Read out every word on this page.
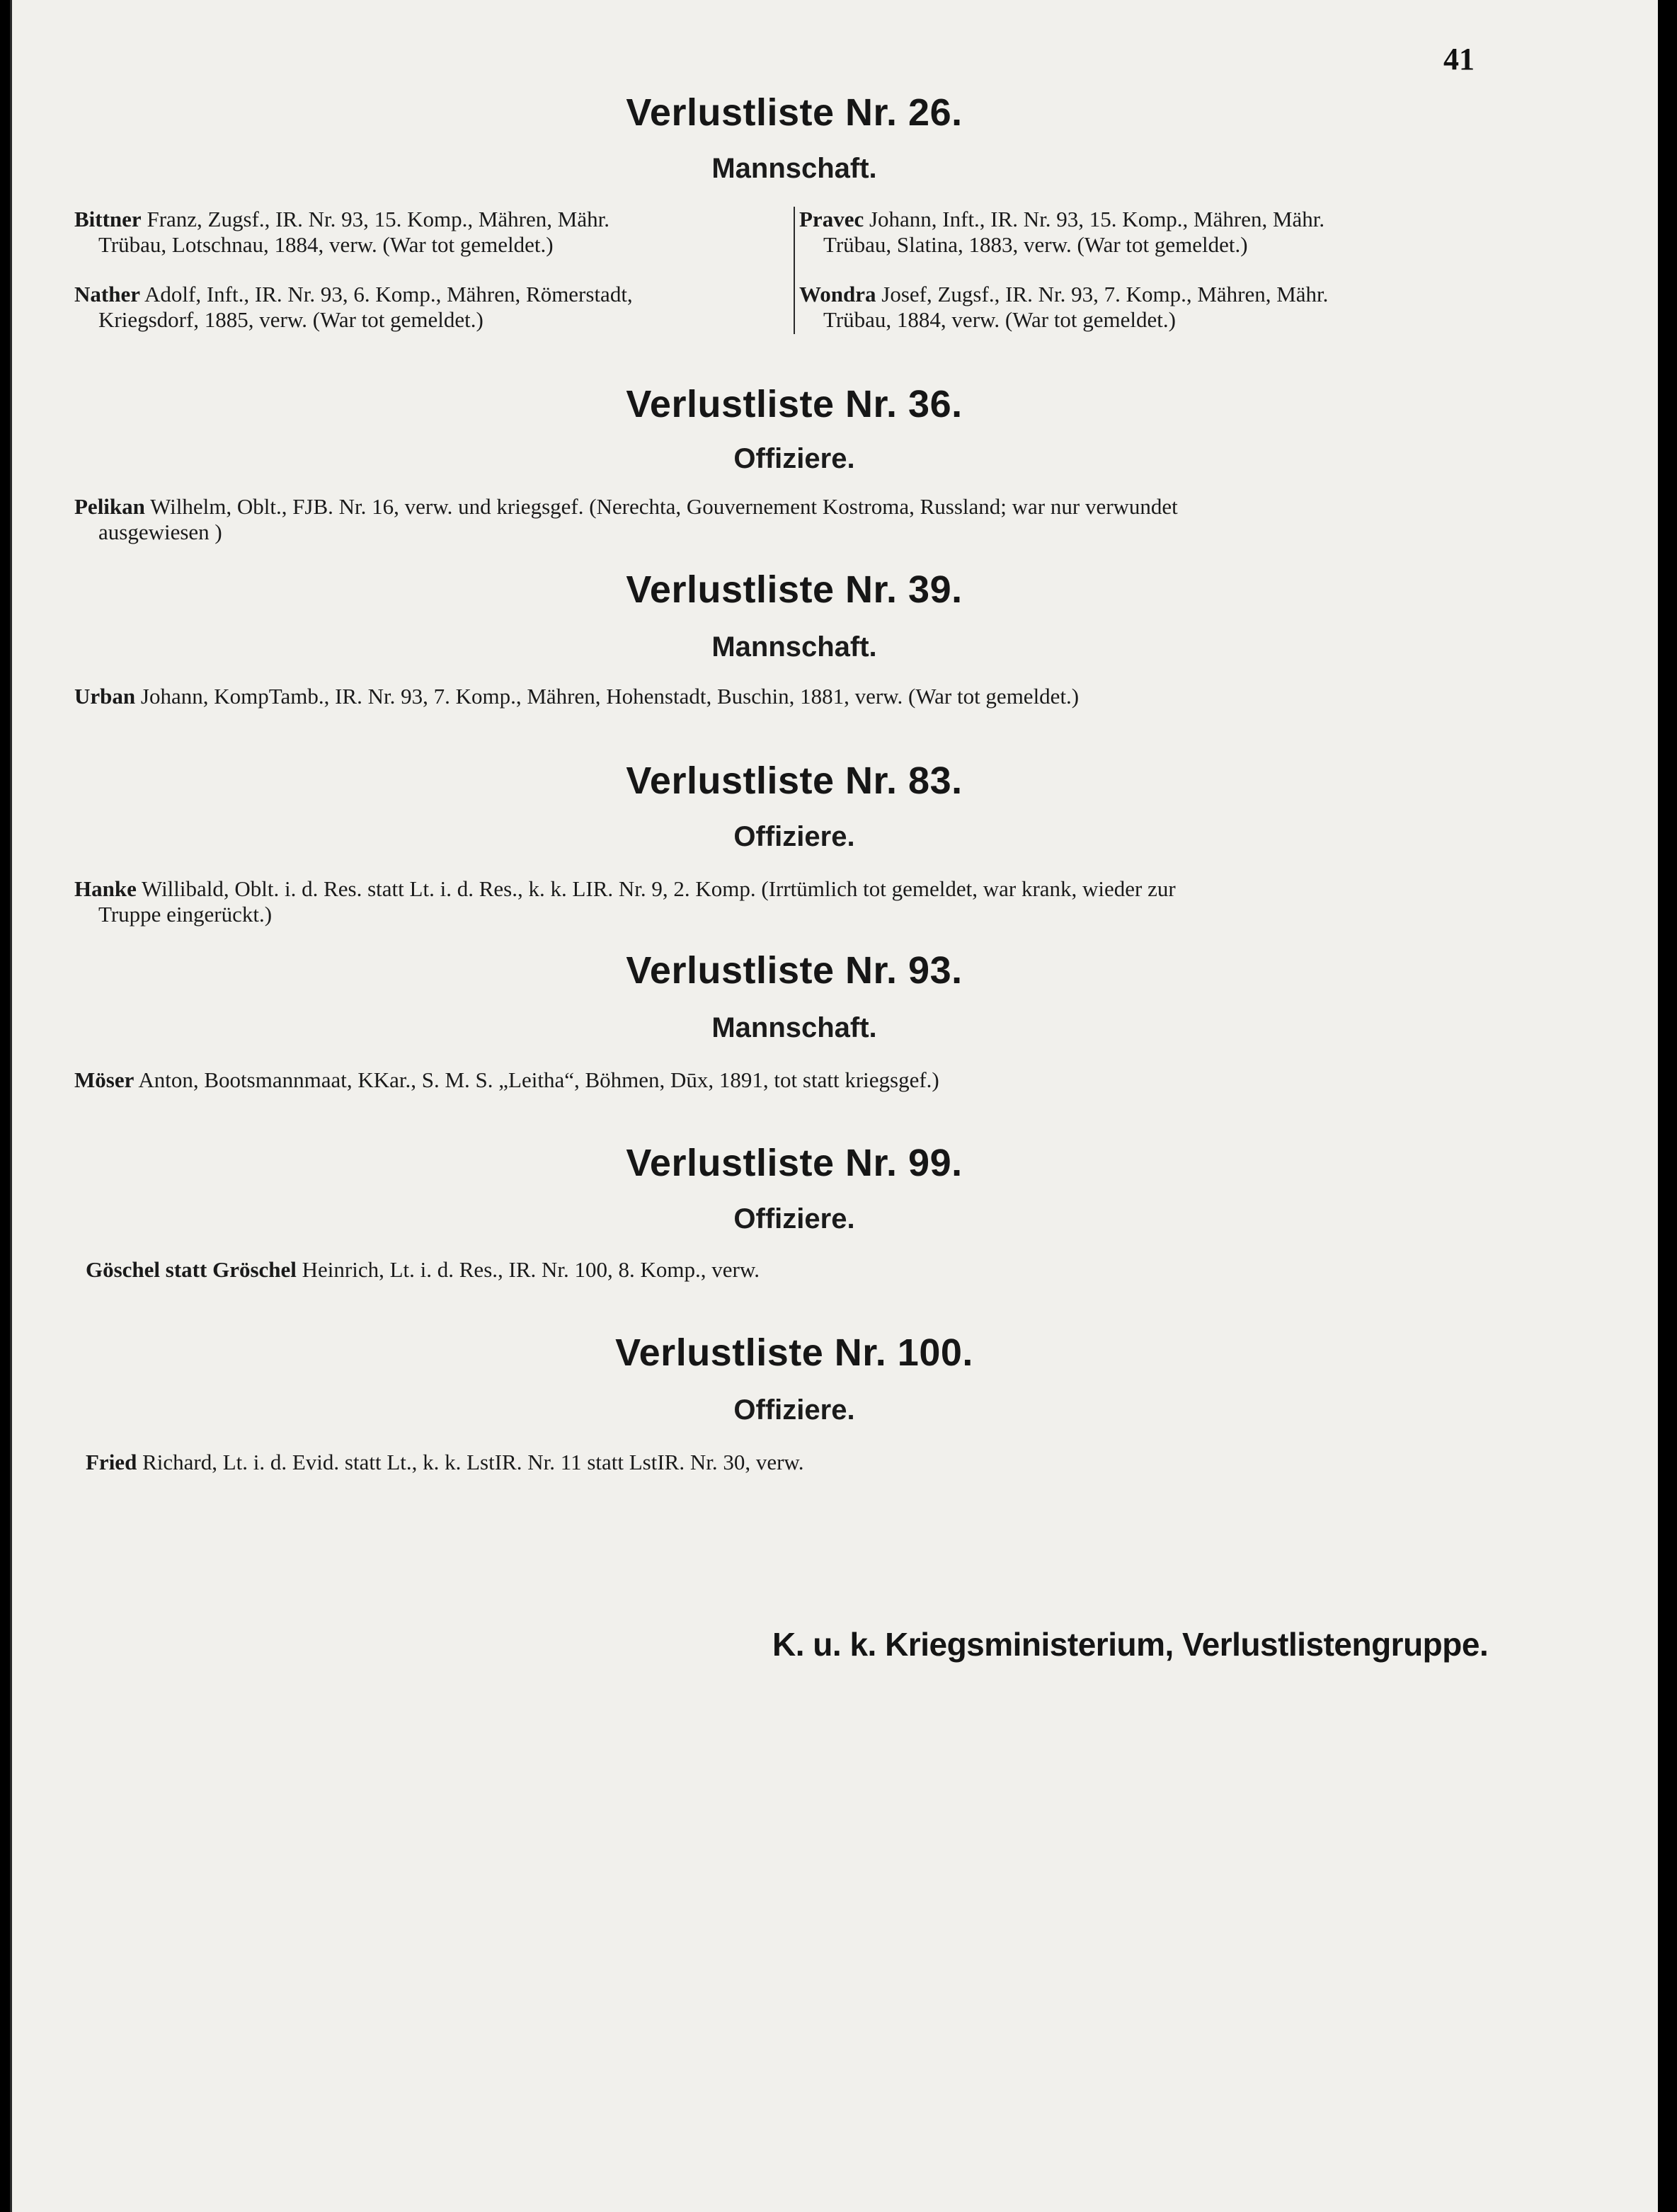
41
Verlustliste Nr. 26.
Mannschaft.
Bittner Franz, Zugsf., IR. Nr. 93, 15. Komp., Mähren, Mähr.
Trübau, Lotschnau, 1884, verw. (War tot gemeldet.)
Nather Adolf, Inft., IR. Nr. 93, 6. Komp., Mähren, Römerstadt,
Kriegsdorf, 1885, verw. (War tot gemeldet.)
Pravec Johann, Inft., IR. Nr. 93, 15. Komp., Mähren, Mähr.
Trübau, Slatina, 1883, verw. (War tot gemeldet.)
Wondra Josef, Zugsf., IR. Nr. 93, 7. Komp., Mähren, Mähr.
Trübau, 1884, verw. (War tot gemeldet.)
Verlustliste Nr. 36.
Offiziere.
Pelikan Wilhelm, Oblt., FJB. Nr. 16, verw. und kriegsgef. (Nerechta, Gouvernement Kostroma, Russland; war nur verwundet
ausgewiesen )
Verlustliste Nr. 39.
Mannschaft.
Urban Johann, KompTamb., IR. Nr. 93, 7. Komp., Mähren, Hohenstadt, Buschin, 1881, verw. (War tot gemeldet.)
Verlustliste Nr. 83.
Offiziere.
Hanke Willibald, Oblt. i. d. Res. statt Lt. i. d. Res., k. k. LIR. Nr. 9, 2. Komp. (Irrtümlich tot gemeldet, war krank, wieder zur
Truppe eingerückt.)
Verlustliste Nr. 93.
Mannschaft.
Möser Anton, Bootsmannmaat, KKar., S. M. S. „Leitha“, Böhmen, Dūx, 1891, tot statt kriegsgef.)
Verlustliste Nr. 99.
Offiziere.
Göschel statt Gröschel Heinrich, Lt. i. d. Res., IR. Nr. 100, 8. Komp., verw.
Verlustliste Nr. 100.
Offiziere.
Fried Richard, Lt. i. d. Evid. statt Lt., k. k. LstIR. Nr. 11 statt LstIR. Nr. 30, verw.
K. u. k. Kriegsministerium, Verlustlistengruppe.
